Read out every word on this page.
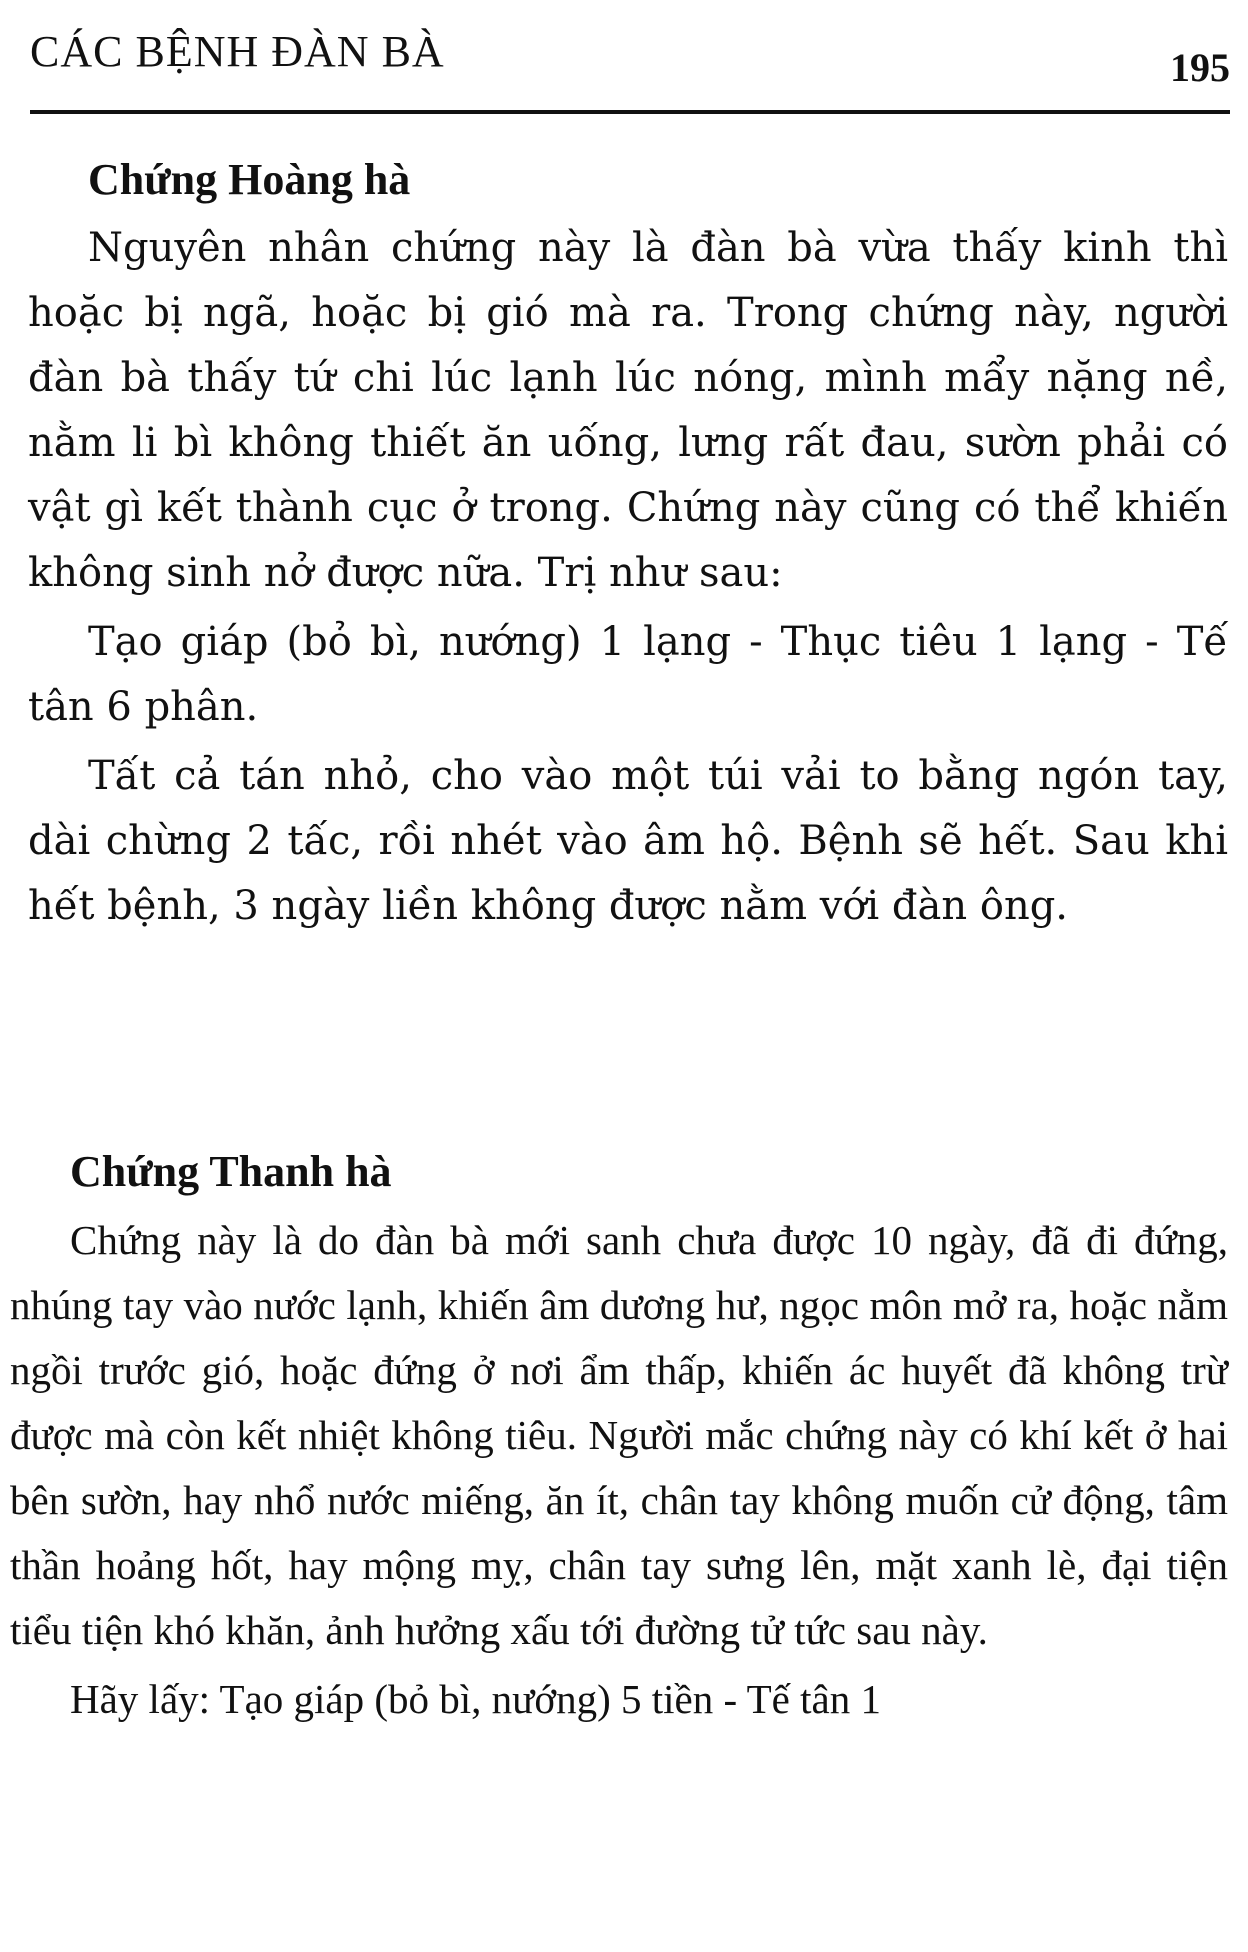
CÁC BỆNH ĐÀN BÀ	195
Chứng Hoàng hà

Nguyên nhân chứng này là đàn bà vừa thấy kinh thì hoặc bị ngã, hoặc bị gió mà ra. Trong chứng này, người đàn bà thấy tứ chi lúc lạnh lúc nóng, mình mẩy nặng nề, nằm li bì không thiết ăn uống, lưng rất đau, sườn phải có vật gì kết thành cục ở trong. Chứng này cũng có thể khiến không sinh nở được nữa. Trị như sau:

Tạo giáp (bỏ bì, nướng) 1 lạng - Thục tiêu 1 lạng - Tế tân 6 phân.

Tất cả tán nhỏ, cho vào một túi vải to bằng ngón tay, dài chừng 2 tấc, rồi nhét vào âm hộ. Bệnh sẽ hết. Sau khi hết bệnh, 3 ngày liền không được nằm với đàn ông.

Chứng Thanh hà

Chứng này là do đàn bà mới sanh chưa được 10 ngày, đã đi đứng, nhúng tay vào nước lạnh, khiến âm dương hư, ngọc môn mở ra, hoặc nằm ngồi trước gió, hoặc đứng ở nơi ẩm thấp, khiến ác huyết đã không trừ được mà còn kết nhiệt không tiêu. Người mắc chứng này có khí kết ở hai bên sườn, hay nhổ nước miếng, ăn ít, chân tay không muốn cử động, tâm thần hoảng hốt, hay mộng mỵ, chân tay sưng lên, mặt xanh lè, đại tiện tiểu tiện khó khăn, ảnh hưởng xấu tới đường tử tức sau này.

Hãy lấy: Tạo giáp (bỏ bì, nướng) 5 tiền - Tế tân 1
